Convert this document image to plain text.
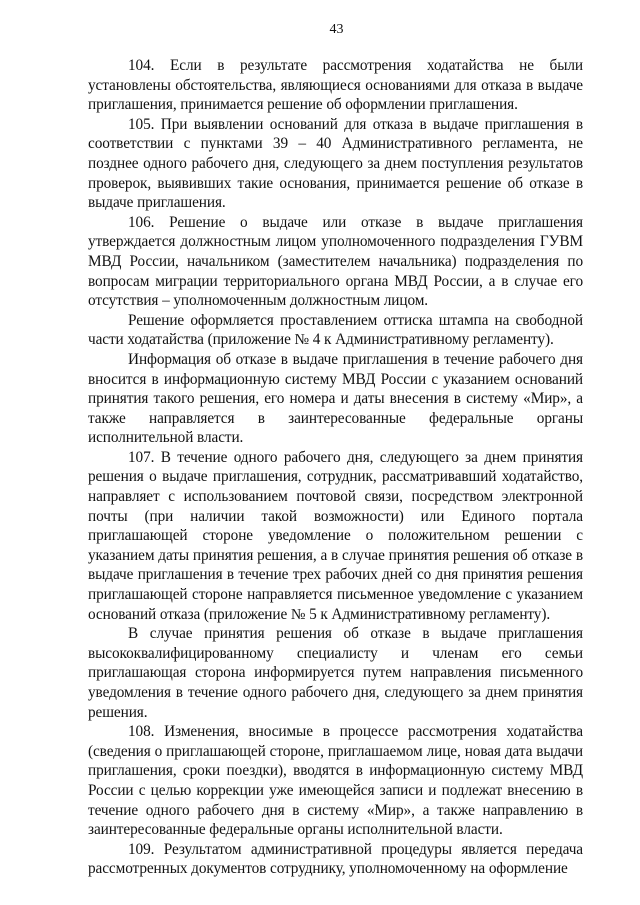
43

104. Если в результате рассмотрения ходатайства не были установлены обстоятельства, являющиеся основаниями для отказа в выдаче приглашения, принимается решение об оформлении приглашения.

105. При выявлении оснований для отказа в выдаче приглашения в соответствии с пунктами 39 – 40 Административного регламента, не позднее одного рабочего дня, следующего за днем поступления результатов проверок, выявивших такие основания, принимается решение об отказе в выдаче приглашения.

106. Решение о выдаче или отказе в выдаче приглашения утверждается должностным лицом уполномоченного подразделения ГУВМ МВД России, начальником (заместителем начальника) подразделения по вопросам миграции территориального органа МВД России, а в случае его отсутствия – уполномоченным должностным лицом.

Решение оформляется проставлением оттиска штампа на свободной части ходатайства (приложение № 4 к Административному регламенту).

Информация об отказе в выдаче приглашения в течение рабочего дня вносится в информационную систему МВД России с указанием оснований принятия такого решения, его номера и даты внесения в систему «Мир», а также направляется в заинтересованные федеральные органы исполнительной власти.

107. В течение одного рабочего дня, следующего за днем принятия решения о выдаче приглашения, сотрудник, рассматривавший ходатайство, направляет с использованием почтовой связи, посредством электронной почты (при наличии такой возможности) или Единого портала приглашающей стороне уведомление о положительном решении с указанием даты принятия решения, а в случае принятия решения об отказе в выдаче приглашения в течение трех рабочих дней со дня принятия решения приглашающей стороне направляется письменное уведомление с указанием оснований отказа (приложение № 5 к Административному регламенту).

В случае принятия решения об отказе в выдаче приглашения высококвалифицированному специалисту и членам его семьи приглашающая сторона информируется путем направления письменного уведомления в течение одного рабочего дня, следующего за днем принятия решения.

108. Изменения, вносимые в процессе рассмотрения ходатайства (сведения о приглашающей стороне, приглашаемом лице, новая дата выдачи приглашения, сроки поездки), вводятся в информационную систему МВД России с целью коррекции уже имеющейся записи и подлежат внесению в течение одного рабочего дня в систему «Мир», а также направлению в заинтересованные федеральные органы исполнительной власти.

109. Результатом административной процедуры является передача рассмотренных документов сотруднику, уполномоченному на оформление
